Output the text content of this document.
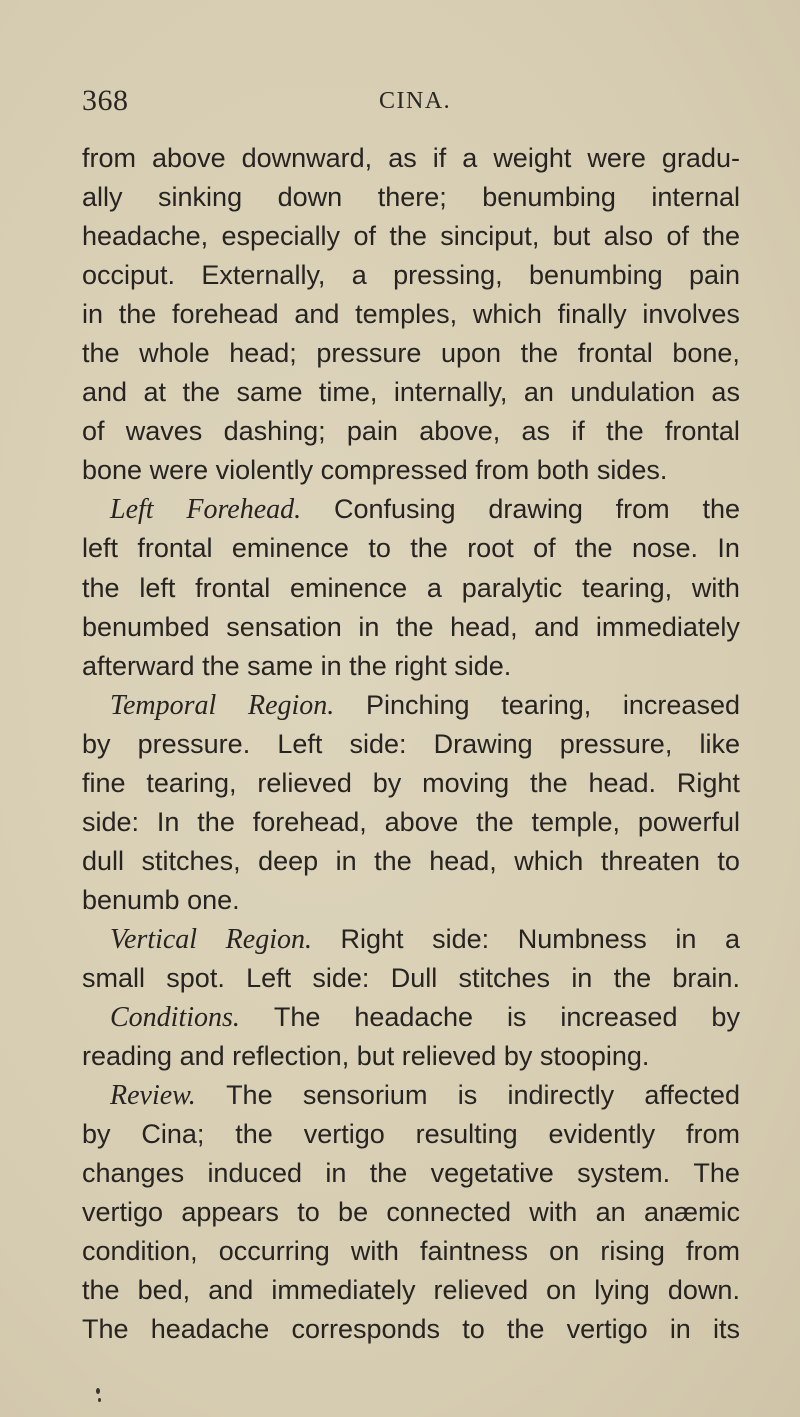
368	CINA.
from above downward, as if a weight were gradu-
ally sinking down there; benumbing internal
headache, especially of the sinciput, but also of the
occiput. Externally, a pressing, benumbing pain
in the forehead and temples, which finally involves
the whole head; pressure upon the frontal bone,
and at the same time, internally, an undulation as
of waves dashing; pain above, as if the frontal
bone were violently compressed from both sides.
Left Forehead. Confusing drawing from the
left frontal eminence to the root of the nose. In
the left frontal eminence a paralytic tearing, with
benumbed sensation in the head, and immediately
afterward the same in the right side.
Temporal Region. Pinching tearing, increased
by pressure. Left side: Drawing pressure, like
fine tearing, relieved by moving the head. Right
side: In the forehead, above the temple, powerful
dull stitches, deep in the head, which threaten to
benumb one.
Vertical Region. Right side: Numbness in a
small spot. Left side: Dull stitches in the brain.
Conditions. The headache is increased by
reading and reflection, but relieved by stooping.
Review. The sensorium is indirectly affected
by Cina; the vertigo resulting evidently from
changes induced in the vegetative system. The
vertigo appears to be connected with an anæmic
condition, occurring with faintness on rising from
the bed, and immediately relieved on lying down.
The headache corresponds to the vertigo in its
